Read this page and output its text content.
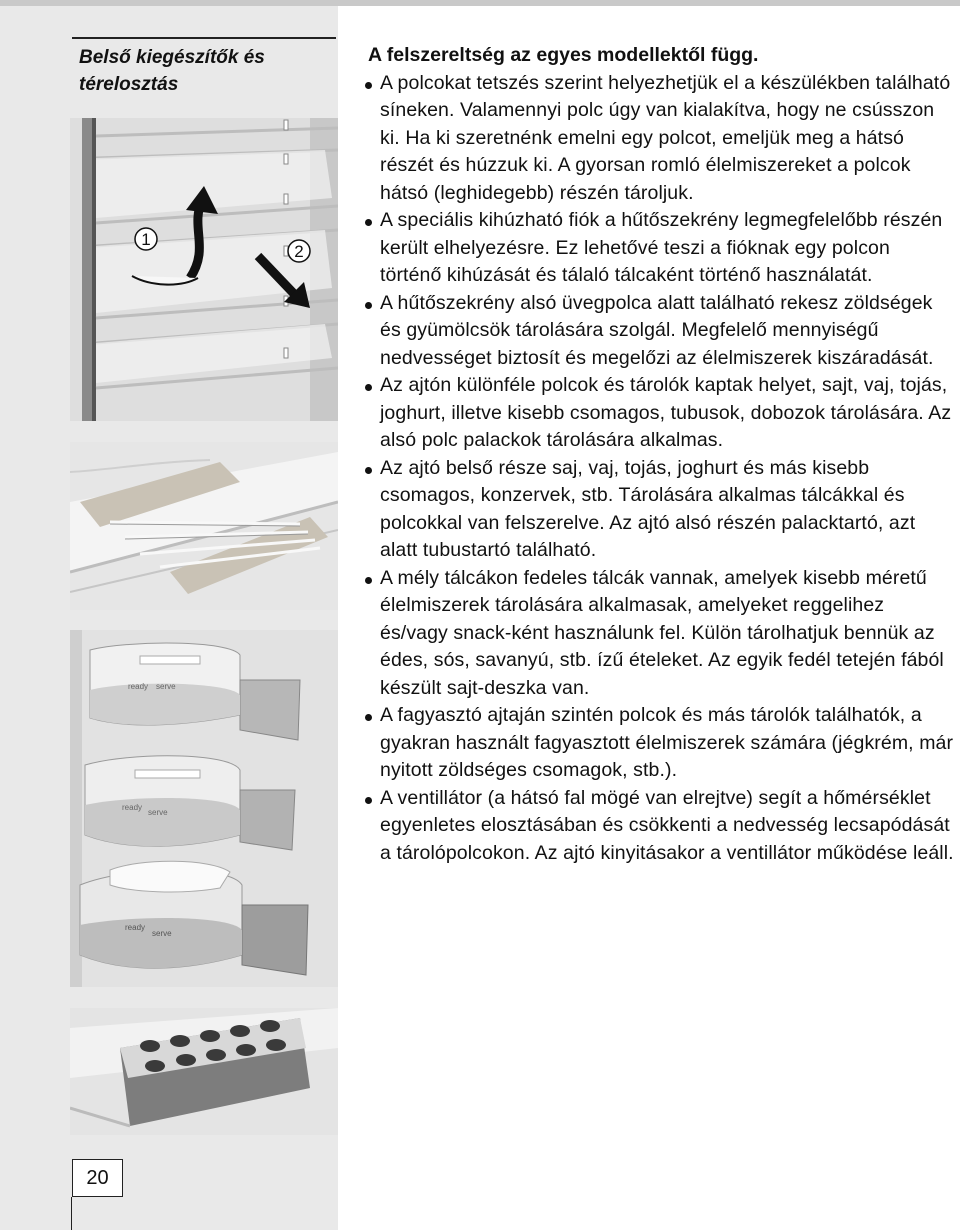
Belső kiegészítők és térelosztás
1
2
ready serve
ready
serve
ready
serve
20

A felszereltség az egyes modellektől függ.

A polcokat tetszés szerint helyezhetjük el a készülékben található síneken. Valamennyi polc úgy van kialakítva, hogy ne csússzon ki. Ha ki szeretnénk emelni egy polcot, emeljük meg a hátsó részét és húzzuk ki. A gyorsan romló élelmiszereket a polcok hátsó (leghidegebb) részén tároljuk.
A speciális kihúzható fiók a hűtőszekrény legmegfelelőbb részén került elhelyezésre. Ez lehetővé teszi a fióknak egy polcon történő kihúzását és tálaló tálcaként történő használatát.
A hűtőszekrény alsó üvegpolca alatt található rekesz zöldségek és gyümölcsök tárolására szolgál. Megfelelő mennyiségű nedvességet biztosít és megelőzi az élelmiszerek kiszáradását.
Az ajtón különféle polcok és tárolók kaptak helyet, sajt, vaj, tojás, joghurt, illetve kisebb csomagos, tubusok, dobozok tárolására. Az alsó polc palackok tárolására alkalmas.
Az ajtó belső része saj, vaj, tojás, joghurt és más kisebb csomagos, konzervek, stb. Tárolására alkalmas tálcákkal és polcokkal van felszerelve. Az ajtó alsó részén palacktartó, azt alatt tubustartó található.
A mély tálcákon fedeles tálcák vannak, amelyek kisebb méretű élelmiszerek tárolására alkalmasak, amelyeket reggelihez és/vagy snack-ként használunk fel. Külön tárolhatjuk bennük az édes, sós, savanyú, stb. ízű ételeket. Az egyik fedél tetején fából készült sajt-deszka van.
A fagyasztó ajtaján szintén polcok és más tárolók találhatók, a gyakran használt fagyasztott élelmiszerek számára (jégkrém, már nyitott zöldséges csomagok, stb.).
A ventillátor (a hátsó fal mögé van elrejtve) segít a hőmérséklet egyenletes elosztásában és csökkenti a nedvesség lecsapódását a tárolópolcokon. Az ajtó kinyitásakor a ventillátor működése leáll.
